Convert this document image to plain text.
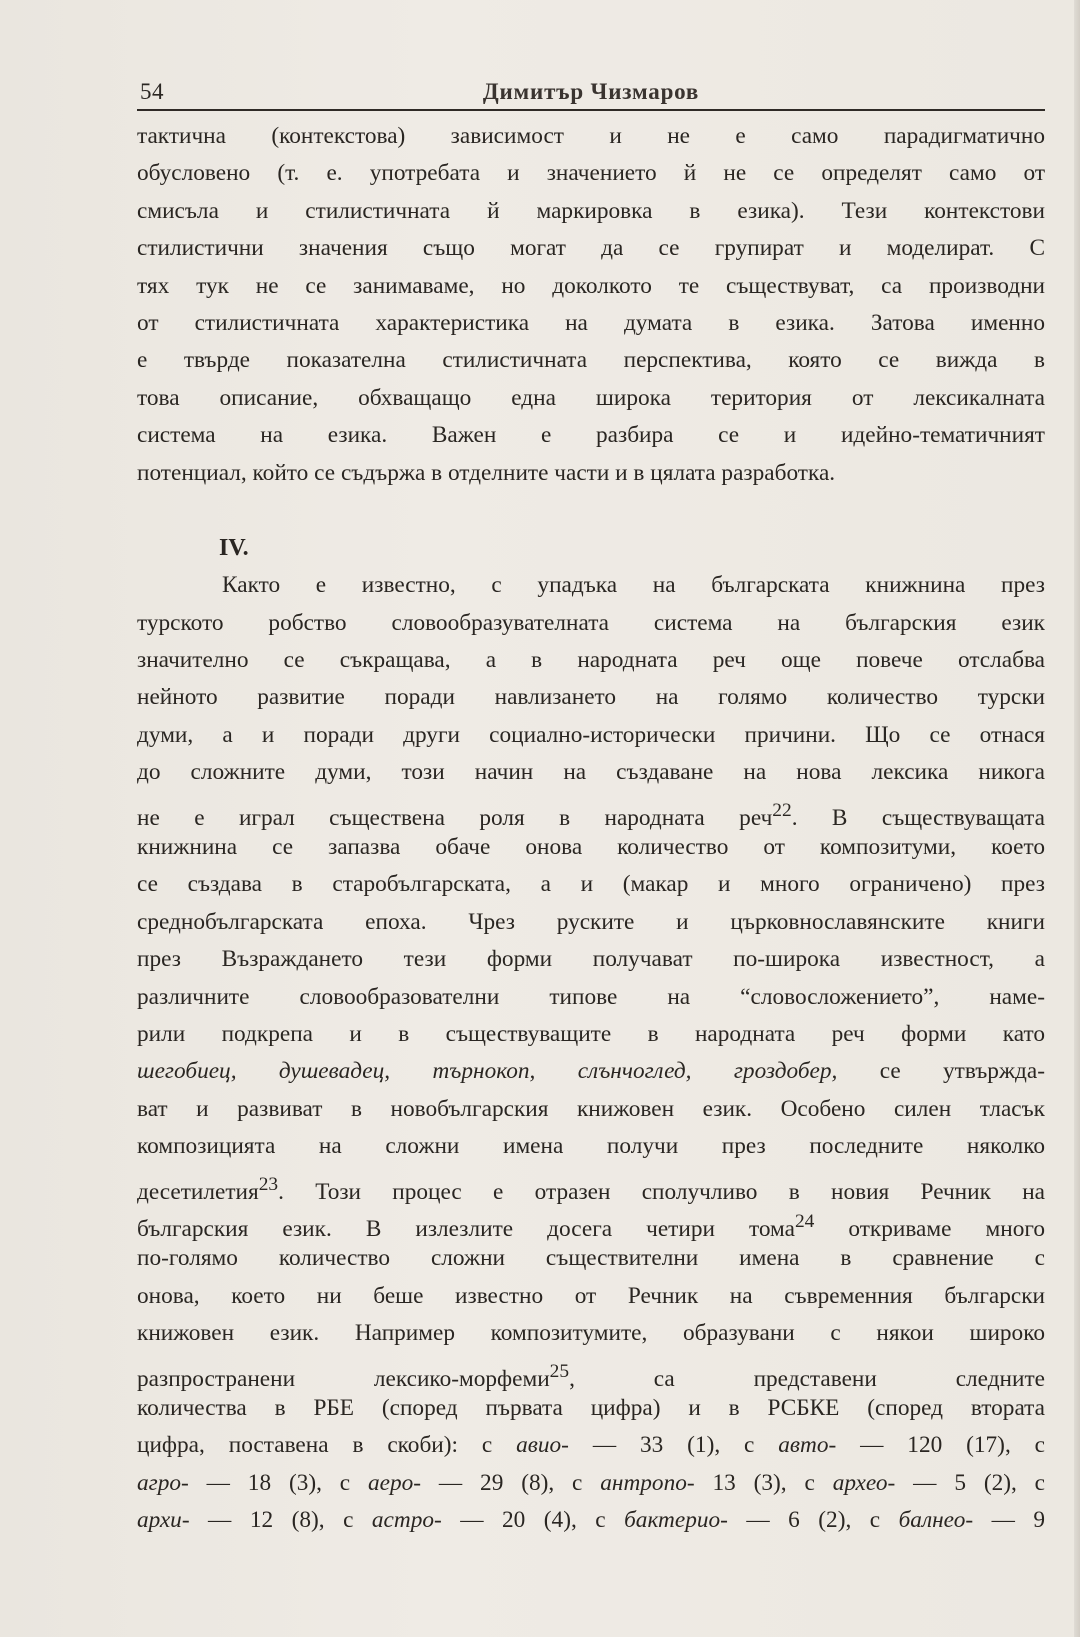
54	Димитър Чизмаров
тактична (контекстова) зависимост и не е само парадигматично
обусловено (т. е. употребата и значението й не се определят само от
смисъла и стилистичната й маркировка в езика). Тези контекстови
стилистични значения също могат да се групират и моделират. С
тях тук не се занимаваме, но доколкото те съществуват, са производни
от стилистичната характеристика на думата в езика. Затова именно
е твърде показателна стилистичната перспектива, която се вижда в
това описание, обхващащо една широка територия от лексикалната
система на езика. Важен е разбира се и идейно-тематичният
потенциал, който се съдържа в отделните части и в цялата разработка.
IV.
Както е известно, с упадъка на българската книжнина през
турското робство словообразувателната система на българския език
значително се съкращава, а в народната реч още повече отслабва
нейното развитие поради навлизането на голямо количество турски
думи, а и поради други социално-исторически причини. Що се отнася
до сложните думи, този начин на създаване на нова лексика никога
не е играл съществена роля в народната реч$^{22}$. В съществуващата
книжнина се запазва обаче онова количество от композитуми, което
се създава в старобългарската, а и (макар и много ограничено) през
среднобългарската епоха. Чрез руските и църковнославянските книги
през Възраждането тези форми получават по-широка известност, а
различните словообразователни типове на “словосложението”, наме-
рили подкрепа и в съществуващите в народната реч форми като
шегобиец, душевадец, търнокоп, слънчоглед, гроздобер, се утвържда-
ват и развиват в новобългарския книжовен език. Особено силен тласък
композицията на сложни имена получи през последните няколко
десетилетия$^{23}$. Този процес е отразен сполучливо в новия Речник на
българския език. В излезлите досега четири тома$^{24}$ откриваме много
по-голямо количество сложни съществителни имена в сравнение с
онова, което ни беше известно от Речник на съвременния български
книжовен език. Например композитумите, образувани с някои широко
разпространени лексико-морфеми$^{25}$, са представени следните
количества в РБЕ (според първата цифра) и в РСБКЕ (според втората
цифра, поставена в скоби): с авио- — 33 (1), с авто- — 120 (17), с
агро- — 18 (3), с аеро- — 29 (8), с антропо- 13 (3), с архео- — 5 (2), с
архи- — 12 (8), с астро- — 20 (4), с бактерио- — 6 (2), с балнео- — 9
